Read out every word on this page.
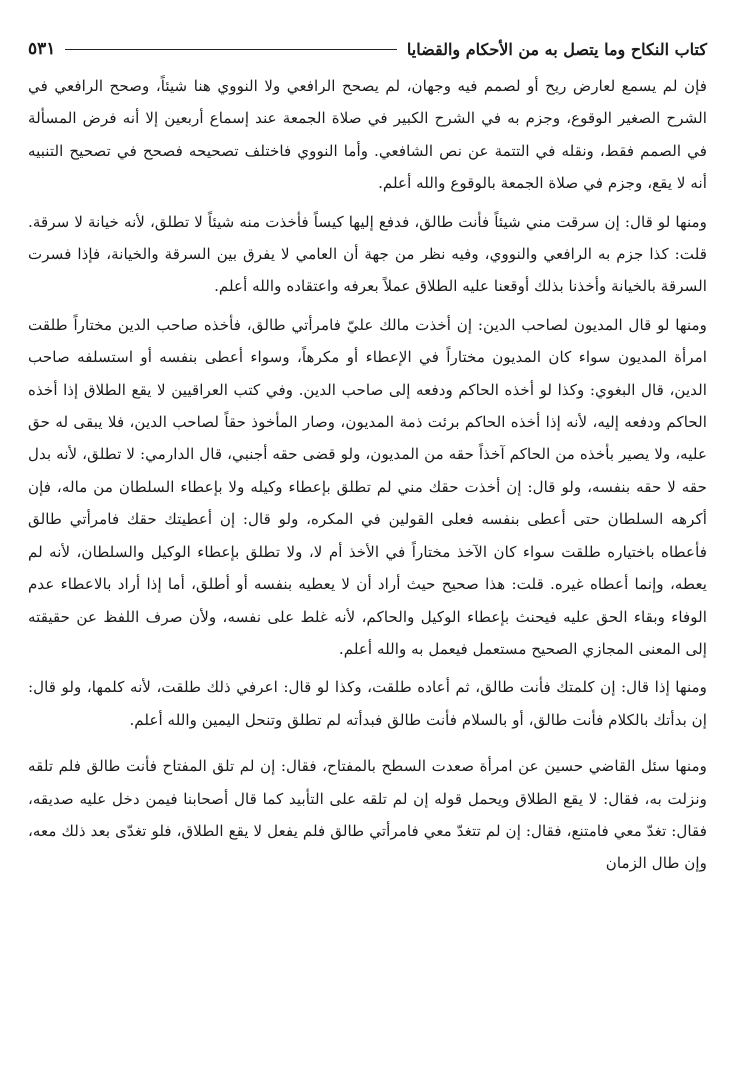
كتاب النكاح وما يتصل به من الأحكام والقضايا
٥٣١

فإن لم يسمع لعارض ريح أو لصمم فيه وجهان، لم يصحح الرافعي ولا النووي هنا شيئاً، وصحح الرافعي في الشرح الصغير الوقوع، وجزم به في الشرح الكبير في صلاة الجمعة عند إسماع أربعين إلا أنه فرض المسألة في الصمم فقط، ونقله في التتمة عن نص الشافعي. وأما النووي فاختلف تصحيحه فصحح في تصحيح التنبيه أنه لا يقع، وجزم في صلاة الجمعة بالوقوع والله أعلم.

ومنها لو قال: إن سرقت مني شيئاً فأنت طالق، فدفع إليها كيساً فأخذت منه شيئاً لا تطلق، لأنه خيانة لا سرقة. قلت: كذا جزم به الرافعي والنووي، وفيه نظر من جهة أن العامي لا يفرق بين السرقة والخيانة، فإذا فسرت السرقة بالخيانة وأخذنا بذلك أوقعنا عليه الطلاق عملاً بعرفه واعتقاده والله أعلم.

ومنها لو قال المديون لصاحب الدين: إن أخذت مالك عليّ فامرأتي طالق، فأخذه صاحب الدين مختاراً طلقت امرأة المديون سواء كان المديون مختاراً في الإعطاء أو مكرهاً، وسواء أعطى بنفسه أو استسلفه صاحب الدين، قال البغوي: وكذا لو أخذه الحاكم ودفعه إلى صاحب الدين. وفي كتب العراقيين لا يقع الطلاق إذا أخذه الحاكم ودفعه إليه، لأنه إذا أخذه الحاكم برئت ذمة المديون، وصار المأخوذ حقاً لصاحب الدين، فلا يبقى له حق عليه، ولا يصير بأخذه من الحاكم آخذاً حقه من المديون، ولو قضى حقه أجنبي، قال الدارمي: لا تطلق، لأنه بدل حقه لا حقه بنفسه، ولو قال: إن أخذت حقك مني لم تطلق بإعطاء وكيله ولا بإعطاء السلطان من ماله، فإن أكرهه السلطان حتى أعطى بنفسه فعلى القولين في المكره، ولو قال: إن أعطيتك حقك فامرأتي طالق فأعطاه باختياره طلقت سواء كان الآخذ مختاراً في الأخذ أم لا، ولا تطلق بإعطاء الوكيل والسلطان، لأنه لم يعطه، وإنما أعطاه غيره. قلت: هذا صحيح حيث أراد أن لا يعطيه بنفسه أو أطلق، أما إذا أراد بالاعطاء عدم الوفاء وبقاء الحق عليه فيحنث بإعطاء الوكيل والحاكم، لأنه غلط على نفسه، ولأن صرف اللفظ عن حقيقته إلى المعنى المجازي الصحيح مستعمل فيعمل به والله أعلم.

ومنها إذا قال: إن كلمتك فأنت طالق، ثم أعاده طلقت، وكذا لو قال: اعرفي ذلك طلقت، لأنه كلمها، ولو قال: إن بدأتك بالكلام فأنت طالق، أو بالسلام فأنت طالق فبدأته لم تطلق وتنحل اليمين والله أعلم.

ومنها سئل القاضي حسين عن امرأة صعدت السطح بالمفتاح، فقال: إن لم تلق المفتاح فأنت طالق فلم تلقه ونزلت به، فقال: لا يقع الطلاق ويحمل قوله إن لم تلقه على التأبيد كما قال أصحابنا فيمن دخل عليه صديقه، فقال: تغدّ معي فامتنع، فقال: إن لم تتغدّ معي فامرأتي طالق فلم يفعل لا يقع الطلاق، فلو تغدّى بعد ذلك معه، وإن طال الزمان
